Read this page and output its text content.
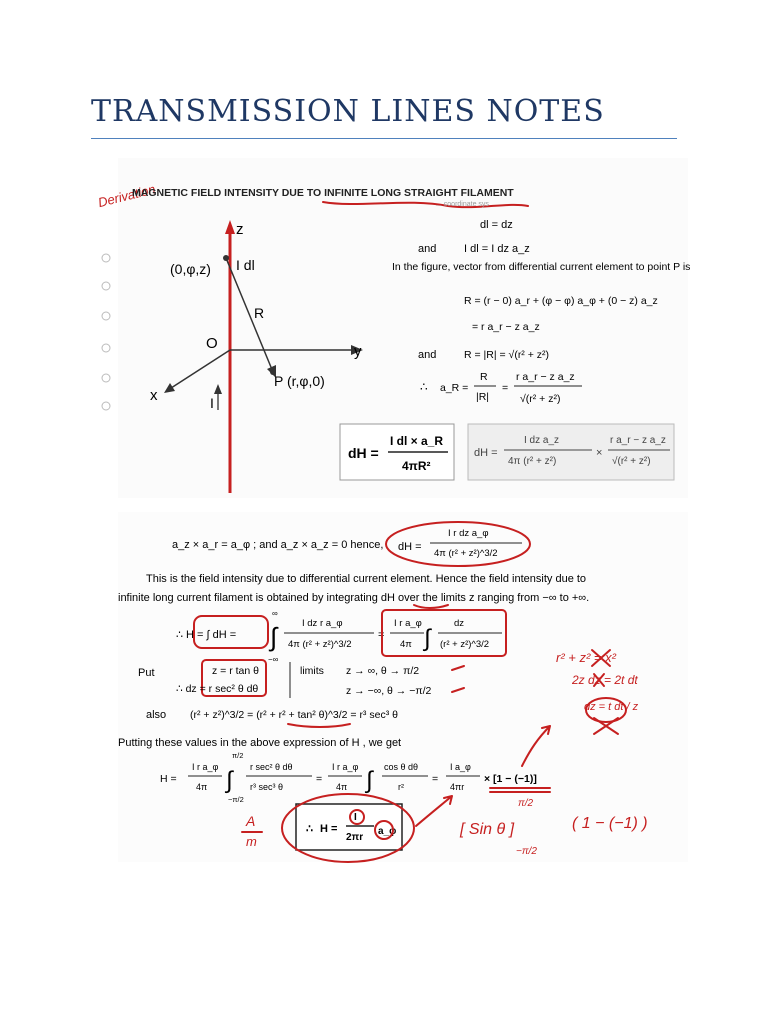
TRANSMISSION LINES NOTES
Derivation
MAGNETIC FIELD INTENSITY DUE TO INFINITE LONG STRAIGHT FILAMENT
... coordinate sys
z
y
x
O
(0,φ,z) I dl
R
P (r,φ,0)
I
dl = dz
and	I dl = I dz a_z
In the figure, vector from differential current element to point P is
R = (r − 0) a_r + (φ − φ) a_φ + (0 − z) a_z
= r a_r − z a_z
and	R = |R| = √(r² + z²)
∴ a_R =
R
|R|
=
r a_r − z a_z
√(r² + z²)
dH =
I dl × a_R
4πR²
dH =
I dz a_z
4π (r² + z²)
×
r a_r − z a_z
√(r² + z²)
a_z × a_r = a_φ ; and a_z × a_z = 0 hence, dH =
I r dz a_φ
4π (r² + z²)^3/2
This is the field intensity due to differential current element. Hence the field intensity due to
infinite long current filament is obtained by integrating dH over the limits z ranging from −∞ to +∞.
∴ H = ∫ dH =
∞
−∞
∫	I dz r a_φ
4π (r² + z²)^3/2
=
I r a_φ
4π ∫
dz
(r² + z²)^3/2
Put	z = r tan θ
∴ dz = r sec² θ dθ
limits z → ∞, θ → π/2
z → −∞, θ → −π/2
also (r² + z²)^3/2 = (r² + r² + tan² θ)^3/2 = r³ sec³ θ
Putting these values in the above expression of H , we get
H =
I r a_φ
4π
π/2
−π/2
∫ r sec² θ dθ
r³ sec³ θ
=
I r a_φ
4π ∫ cos θ dθ
r²
=
I a_φ
4πr
× [1 − (−1)]
∴ H =
I
2πr
a_φ
A
m
[ Sin θ ]
π/2
−π/2
( 1 − (−1) )
r² + z² = x²
2z dz = 2t dt
dz = t dt / z
